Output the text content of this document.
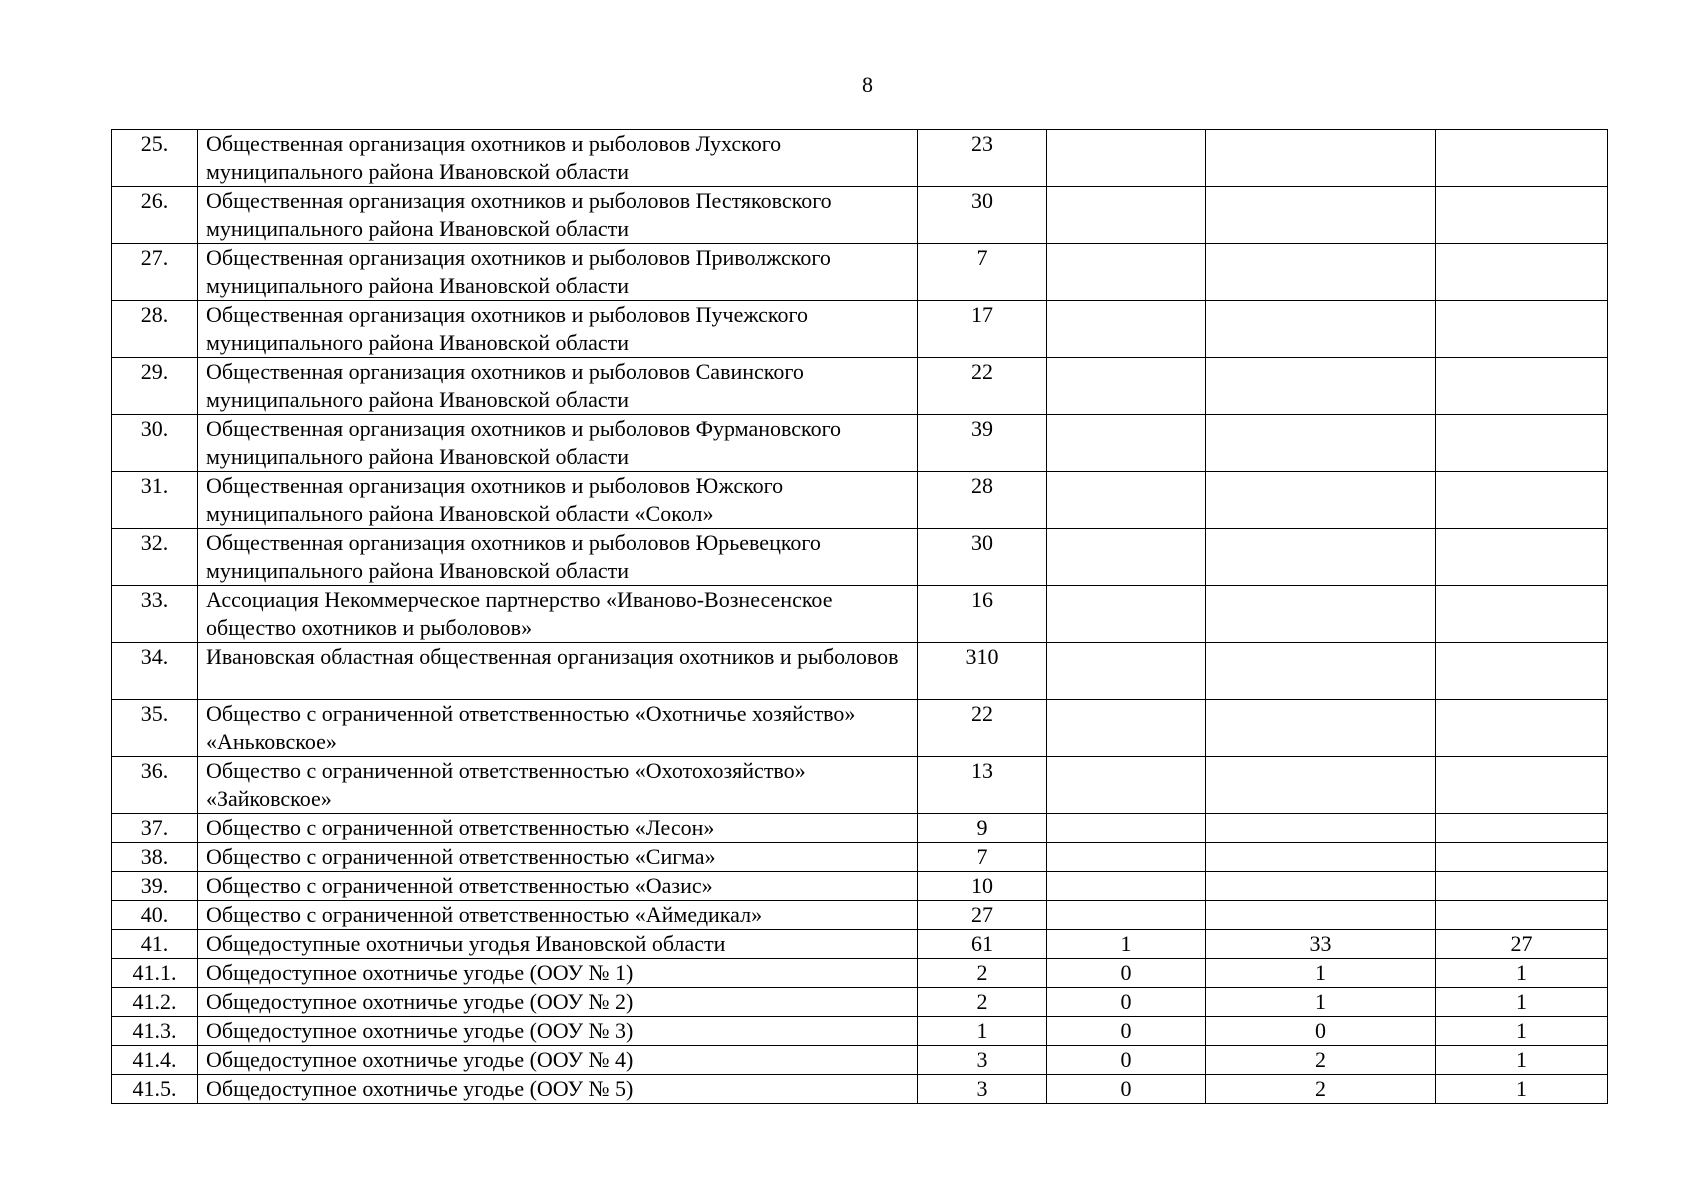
8
25.	Общественная организация охотников и рыболовов Лухского муниципального района Ивановской области	23			
26.	Общественная организация охотников и рыболовов Пестяковского муниципального района Ивановской области	30			
27.	Общественная организация охотников и рыболовов Приволжского муниципального района Ивановской области	7			
28.	Общественная организация охотников и рыболовов Пучежского муниципального района Ивановской области	17			
29.	Общественная организация охотников и рыболовов Савинского муниципального района Ивановской области	22			
30.	Общественная организация охотников и рыболовов Фурмановского муниципального района Ивановской области	39			
31.	Общественная организация охотников и рыболовов Южского муниципального района Ивановской области «Сокол»	28			
32.	Общественная организация охотников и рыболовов Юрьевецкого муниципального района Ивановской области	30			
33.	Ассоциация Некоммерческое партнерство «Иваново-Вознесенское общество охотников и рыболовов»	16			
34.	Ивановская областная общественная организация охотников и рыболовов	310			
35.	Общество с ограниченной ответственностью «Охотничье хозяйство» «Аньковское»	22			
36.	Общество с ограниченной ответственностью «Охотохозяйство» «Зайковское»	13			
37.	Общество с ограниченной ответственностью «Лесон»	9			
38.	Общество с ограниченной ответственностью «Сигма»	7			
39.	Общество с ограниченной ответственностью «Оазис»	10			
40.	Общество с ограниченной ответственностью «Аймедикал»	27			
41.	Общедоступные охотничьи угодья Ивановской области	61	1	33	27
41.1.	Общедоступное охотничье угодье (ООУ № 1)	2	0	1	1
41.2.	Общедоступное охотничье угодье (ООУ № 2)	2	0	1	1
41.3.	Общедоступное охотничье угодье (ООУ № 3)	1	0	0	1
41.4.	Общедоступное охотничье угодье (ООУ № 4)	3	0	2	1
41.5.	Общедоступное охотничье угодье (ООУ № 5)	3	0	2	1
